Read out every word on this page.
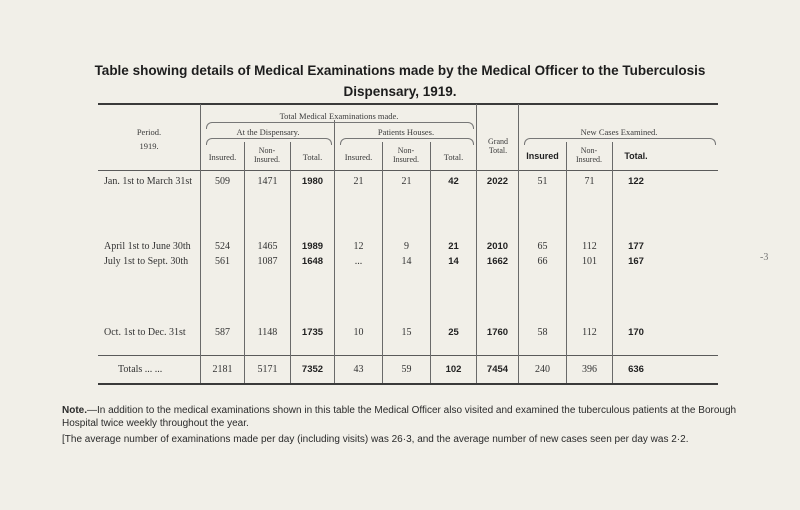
Table showing details of Medical Examinations made by the Medical Officer to the Tuberculosis
Dispensary, 1919.
Period.
1919.
Total Medical Examinations made.
At the Dispensary.	Patients Houses.
Grand Total.
New Cases Examined.
Insured.
Non-Insured.	Total.	Insured.
Non-Insured.	Total.	Insured
Non-Insured.	Total.
Jan. 1st to March 31st	509	1471	1980	21	21	42	2022	51	71	122
April 1st to June 30th	524	1465	1989	12	9	21	2010	65	112	177
July 1st to Sept. 30th	561	1087	1648	...	14	14	1662	66	101	167
Oct. 1st to Dec. 31st	587	1148	1735	10	15	25	1760	58	112	170
Totals ... ...	2181	5171	7352	43	59	102	7454	240	396	636
Note.—In addition to the medical examinations shown in this table the Medical Officer also visited and examined the tuberculous patients at the Borough Hospital twice weekly throughout the year.
[The average number of examinations made per day (including visits) was 26·3, and the average number of new cases seen per day was 2·2.
-3
